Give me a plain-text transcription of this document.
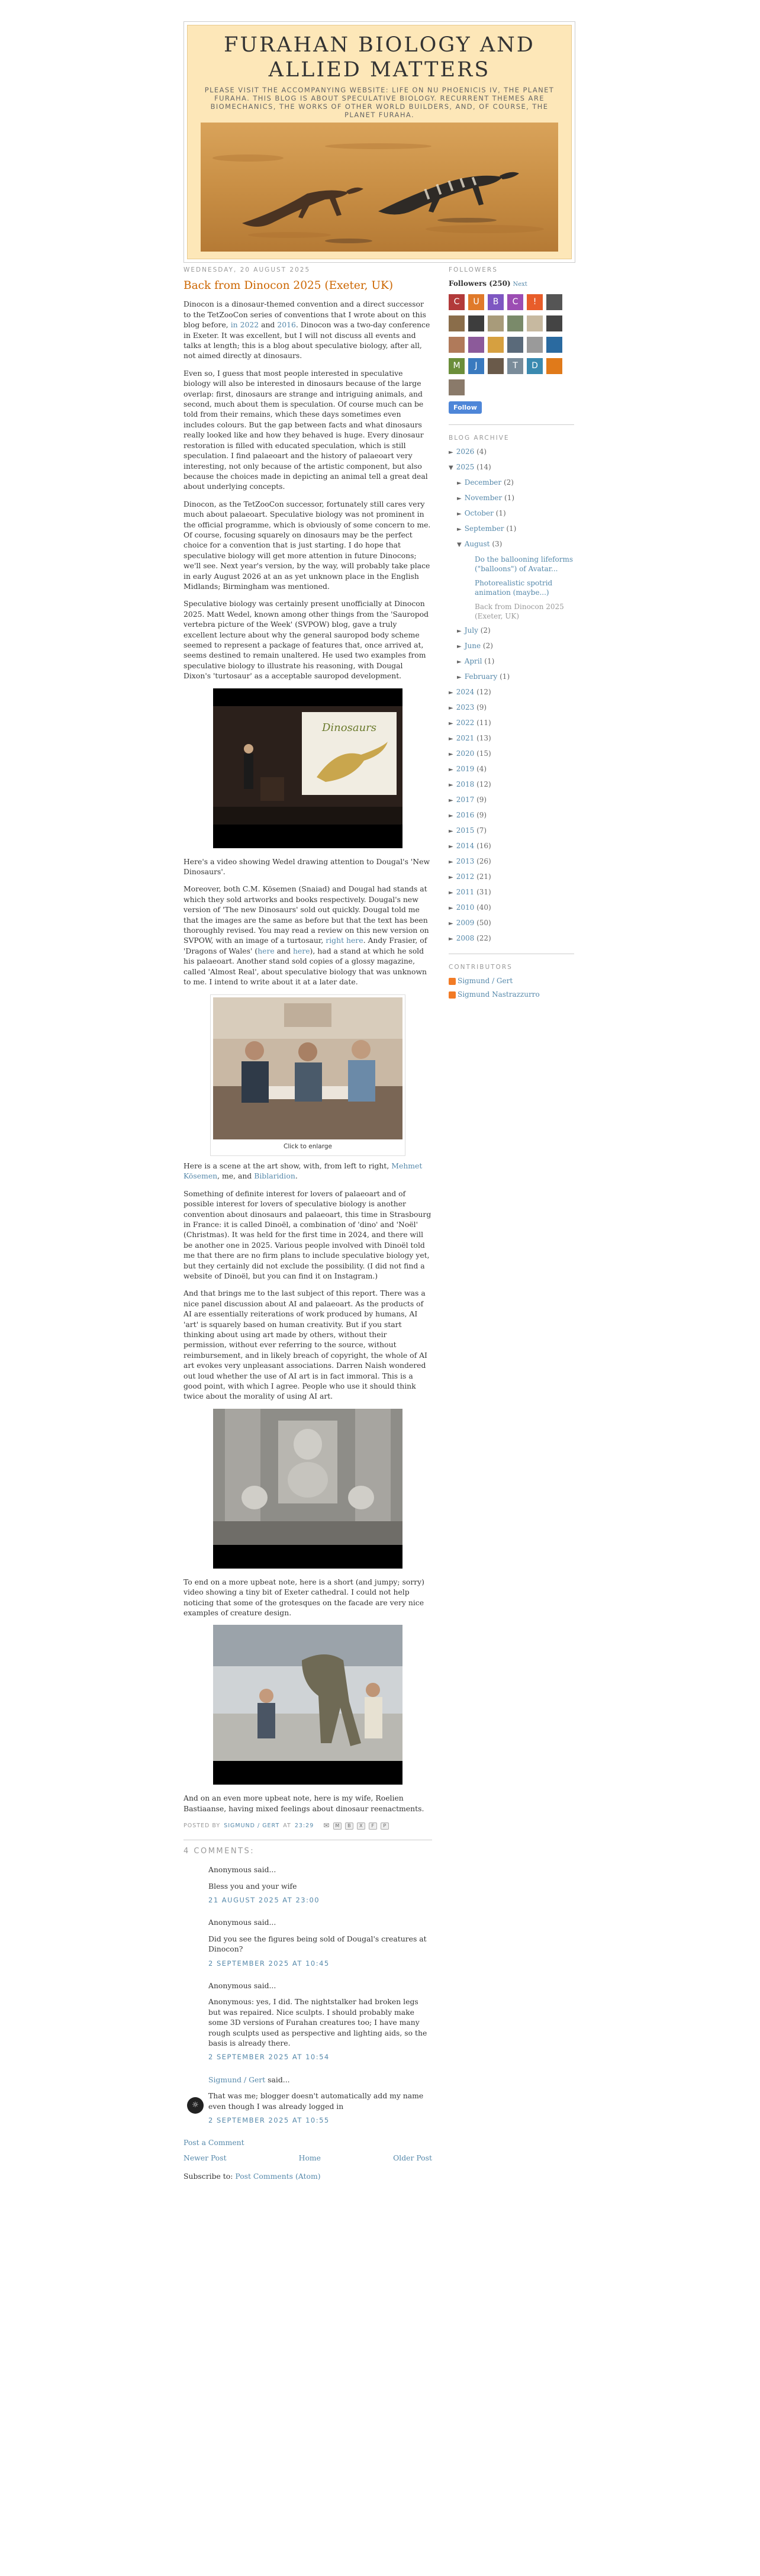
FURAHAN BIOLOGY AND ALLIED MATTERS
PLEASE VISIT THE ACCOMPANYING WEBSITE: LIFE ON NU PHOENICIS IV, THE PLANET FURAHA. THIS BLOG IS ABOUT SPECULATIVE BIOLOGY. RECURRENT THEMES ARE BIOMECHANICS, THE WORKS OF OTHER WORLD BUILDERS, AND, OF COURSE, THE PLANET FURAHA.
WEDNESDAY, 20 AUGUST 2025
Back from Dinocon 2025 (Exeter, UK)

Dinocon is a dinosaur-themed convention and a direct successor to the TetZooCon series of conventions that I wrote about on this blog before, in 2022 and 2016. Dinocon was a two-day conference in Exeter. It was excellent, but I will not discuss all events and talks at length; this is a blog about speculative biology, after all, not aimed directly at dinosaurs.

Even so, I guess that most people interested in speculative biology will also be interested in dinosaurs because of the large overlap: first, dinosaurs are strange and intriguing animals, and second, much about them is speculation. Of course much can be told from their remains, which these days sometimes even includes colours. But the gap between facts and what dinosaurs really looked like and how they behaved is huge. Every dinosaur restoration is filled with educated speculation, which is still speculation. I find palaeoart and the history of palaeoart very interesting, not only because of the artistic component, but also because the choices made in depicting an animal tell a great deal about underlying concepts.

Dinocon, as the TetZooCon successor, fortunately still cares very much about palaeoart. Speculative biology was not prominent in the official programme, which is obviously of some concern to me. Of course, focusing squarely on dinosaurs may be the perfect choice for a convention that is just starting. I do hope that speculative biology will get more attention in future Dinocons; we'll see. Next year's version, by the way, will probably take place in early August 2026 at an as yet unknown place in the English Midlands; Birmingham was mentioned.

Speculative biology was certainly present unofficially at Dinocon 2025. Matt Wedel, known among other things from the 'Sauropod vertebra picture of the Week' (SVPOW) blog, gave a truly excellent lecture about why the general sauropod body scheme seemed to represent a package of features that, once arrived at, seems destined to remain unaltered. He used two examples from speculative biology to illustrate his reasoning, with Dougal Dixon's 'turtosaur' as a acceptable sauropod development.

Dinosaurs

Here's a video showing Wedel drawing attention to Dougal's 'New Dinosaurs'.

Moreover, both C.M. Kösemen (Snaiad) and Dougal had stands at which they sold artworks and books respectively. Dougal's new version of 'The new Dinosaurs' sold out quickly. Dougal told me that the images are the same as before but that the text has been thoroughly revised. You may read a review on this new version on SVPOW, with an image of a turtosaur, right here. Andy Frasier, of 'Dragons of Wales' (here and here), had a stand at which he sold his palaeoart. Another stand sold copies of a glossy magazine, called 'Almost Real', about speculative biology that was unknown to me. I intend to write about it at a later date.

Click to enlarge

Here is a scene at the art show, with, from left to right, Mehmet Kösemen, me, and Biblaridion.

Something of definite interest for lovers of palaeoart and of possible interest for lovers of speculative biology is another convention about dinosaurs and palaeoart, this time in Strasbourg in France: it is called Dinoël, a combination of 'dino' and 'Noël' (Christmas). It was held for the first time in 2024, and there will be another one in 2025. Various people involved with Dinoël told me that there are no firm plans to include speculative biology yet, but they certainly did not exclude the possibility. (I did not find a website of Dinoël, but you can find it on Instagram.)

And that brings me to the last subject of this report. There was a nice panel discussion about AI and palaeoart. As the products of AI are essentially reiterations of work produced by humans, AI 'art' is squarely based on human creativity. But if you start thinking about using art made by others, without their permission, without ever referring to the source, without reimbursement, and in likely breach of copyright, the whole of AI art evokes very unpleasant associations. Darren Naish wondered out loud whether the use of AI art is in fact immoral. This is a good point, with which I agree. People who use it should think twice about the morality of using AI art.

To end on a more upbeat note, here is a short (and jumpy; sorry) video showing a tiny bit of Exeter cathedral. I could not help noticing that some of the grotesques on the facade are very nice examples of creature design.

And on an even more upbeat note, here is my wife, Roelien Bastiaanse, having mixed feelings about dinosaur reenactments.

POSTED BY SIGMUND / GERT AT 23:29 ✉	M	B	X	F	P
4 COMMENTS:
Anonymous said...
Bless you and your wife
21 AUGUST 2025 AT 23:00
Anonymous said...
Did you see the figures being sold of Dougal's creatures at Dinocon?
2 SEPTEMBER 2025 AT 10:45
Anonymous said...
Anonymous: yes, I did. The nightstalker had broken legs but was repaired. Nice sculpts. I should probably make some 3D versions of Furahan creatures too; I have many rough sculpts used as perspective and lighting aids, so the basis is already there.
2 SEPTEMBER 2025 AT 10:54
☼
Sigmund / Gert said...
That was me; blogger doesn't automatically add my name even though I was already logged in
2 SEPTEMBER 2025 AT 10:55
Post a Comment
Newer Post	Home	Older Post
Subscribe to: Post Comments (Atom)
FOLLOWERS
Followers (250) Next
C	U	B	C	!
M	J	T	D
Follow
BLOG ARCHIVE
► 2026 (4)
▼ 2025 (14)
► December (2)
► November (1)
► October (1)
► September (1)
▼ August (3)
Do the ballooning lifeforms ("balloons") of Avatar...
Photorealistic spotrid animation (maybe...)
Back from Dinocon 2025 (Exeter, UK)
► July (2)
► June (2)
► April (1)
► February (1)
► 2024 (12)
► 2023 (9)
► 2022 (11)
► 2021 (13)
► 2020 (15)
► 2019 (4)
► 2018 (12)
► 2017 (9)
► 2016 (9)
► 2015 (7)
► 2014 (16)
► 2013 (26)
► 2012 (21)
► 2011 (31)
► 2010 (40)
► 2009 (50)
► 2008 (22)
CONTRIBUTORS
Sigmund / Gert
Sigmund Nastrazzurro
